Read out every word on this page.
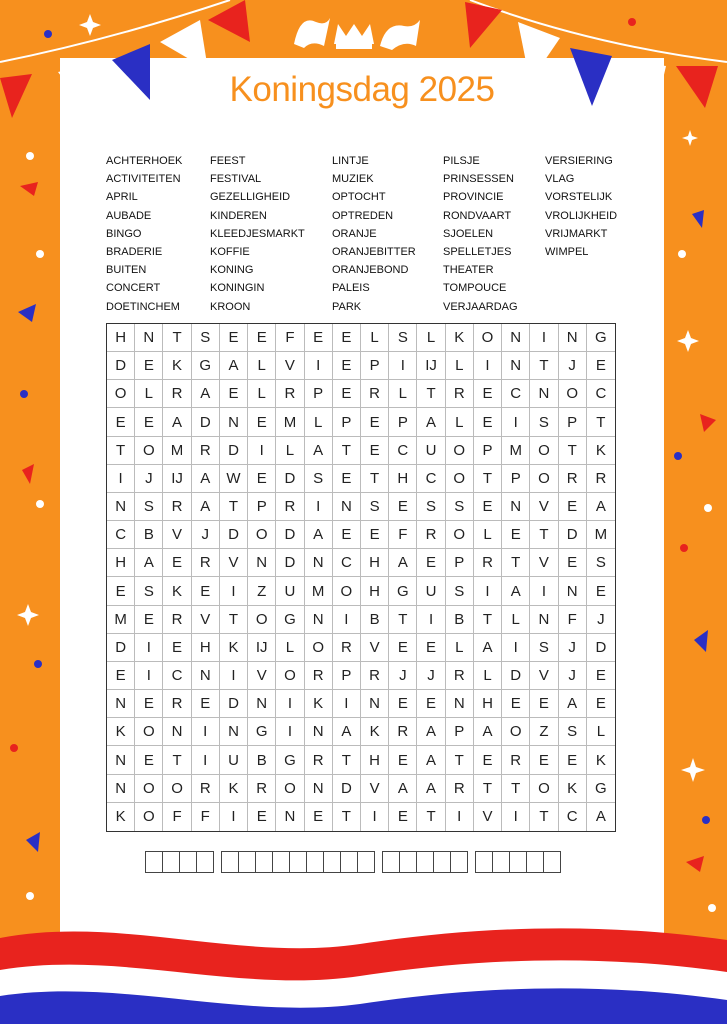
Koningsdag 2025
ACHTERHOEK
ACTIVITEITEN
APRIL
AUBADE
BINGO
BRADERIE
BUITEN
CONCERT
DOETINCHEM
FEEST
FESTIVAL
GEZELLIGHEID
KINDEREN
KLEEDJESMARKT
KOFFIE
KONING
KONINGIN
KROON
LINTJE
MUZIEK
OPTOCHT
OPTREDEN
ORANJE
ORANJEBITTER
ORANJEBOND
PALEIS
PARK
PILSJE
PRINSESSEN
PROVINCIE
RONDVAART
SJOELEN
SPELLETJES
THEATER
TOMPOUCE
VERJAARDAG
VERSIERING
VLAG
VORSTELIJK
VROLIJKHEID
VRIJMARKT
WIMPEL
H	N	T	S	E	E	F	E	E	L	S	L	K	O	N	I	N	G
D	E	K	G	A	L	V	I	E	P	I	IJ	L	I	N	T	J	E
O	L	R	A	E	L	R	P	E	R	L	T	R	E	C	N	O	C
E	E	A	D	N	E	M	L	P	E	P	A	L	E	I	S	P	T
T	O	M	R	D	I	L	A	T	E	C	U	O	P	M	O	T	K
I	J	IJ	A	W	E	D	S	E	T	H	C	O	T	P	O	R	R
N	S	R	A	T	P	R	I	N	S	E	S	S	E	N	V	E	A
C	B	V	J	D	O	D	A	E	E	F	R	O	L	E	T	D	M
H	A	E	R	V	N	D	N	C	H	A	E	P	R	T	V	E	S
E	S	K	E	I	Z	U	M	O	H	G	U	S	I	A	I	N	E
M	E	R	V	T	O	G	N	I	B	T	I	B	T	L	N	F	J
D	I	E	H	K	IJ	L	O	R	V	E	E	L	A	I	S	J	D
E	I	C	N	I	V	O	R	P	R	J	J	R	L	D	V	J	E
N	E	R	E	D	N	I	K	I	N	E	E	N	H	E	E	A	E
K	O	N	I	N	G	I	N	A	K	R	A	P	A	O	Z	S	L
N	E	T	I	U	B	G	R	T	H	E	A	T	E	R	E	E	K
N	O	O	R	K	R	O	N	D	V	A	A	R	T	T	O	K	G
K	O	F	F	I	E	N	E	T	I	E	T	I	V	I	T	C	A
